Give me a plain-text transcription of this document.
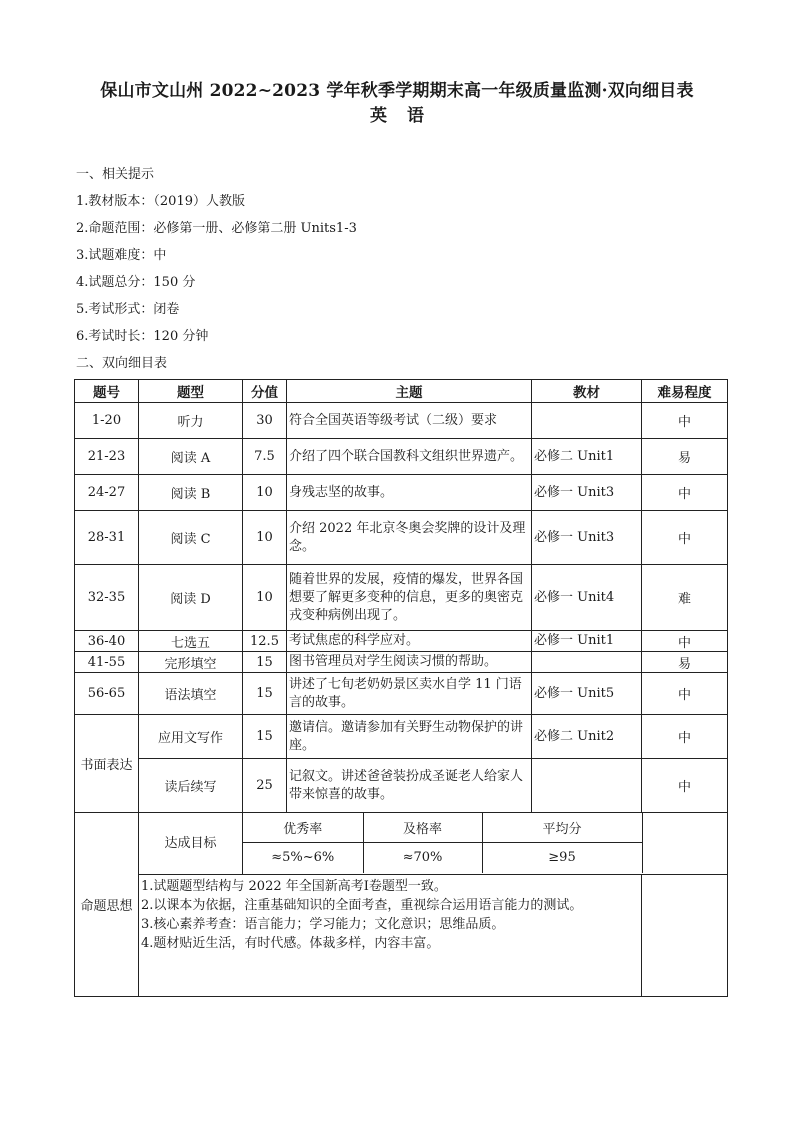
保山市文山州 2022~2023 学年秋季学期期末高一年级质量监测·双向细目表
英 语
一、相关提示
1.教材版本：（2019）人教版
2.命题范围：必修第一册、必修第二册 Units1-3
3.试题难度：中
4.试题总分：150 分
5.考试形式：闭卷
6.考试时长：120 分钟
二、双向细目表
题号	题型	分值	主题	教材	难易程度
1-20	听力	30	符合全国英语等级考试（二级）要求		中
21-23	阅读 A	7.5	介绍了四个联合国教科文组织世界遗产。	必修二 Unit1	易
24-27	阅读 B	10	身残志坚的故事。	必修一 Unit3	中
28-31	阅读 C	10	介绍 2022 年北京冬奥会奖牌的设计及理念。	必修一 Unit3	中
32-35	阅读 D	10	随着世界的发展，疫情的爆发，世界各国想要了解更多变种的信息，更多的奥密克戎变种病例出现了。	必修一 Unit4	难
36-40	七选五	12.5	考试焦虑的科学应对。	必修一 Unit1	中
41-55	完形填空	15	图书管理员对学生阅读习惯的帮助。		易
56-65	语法填空	15	讲述了七旬老奶奶景区卖水自学 11 门语言的故事。	必修一 Unit5	中
书面表达	应用文写作	15	邀请信。邀请参加有关野生动物保护的讲座。	必修二 Unit2	中
读后续写	25	记叙文。讲述爸爸装扮成圣诞老人给家人带来惊喜的故事。		中
命题思想	达成目标	
优秀率	及格率	平均分	
≈5%~6%	≈70%	≥95

1.试题题型结构与 2022 年全国新高考Ⅰ卷题型一致。
2.以课本为依据，注重基础知识的全面考查，重视综合运用语言能力的测试。
3.核心素养考查：语言能力；学习能力；文化意识；思维品质。
4.题材贴近生活，有时代感。体裁多样，内容丰富。
